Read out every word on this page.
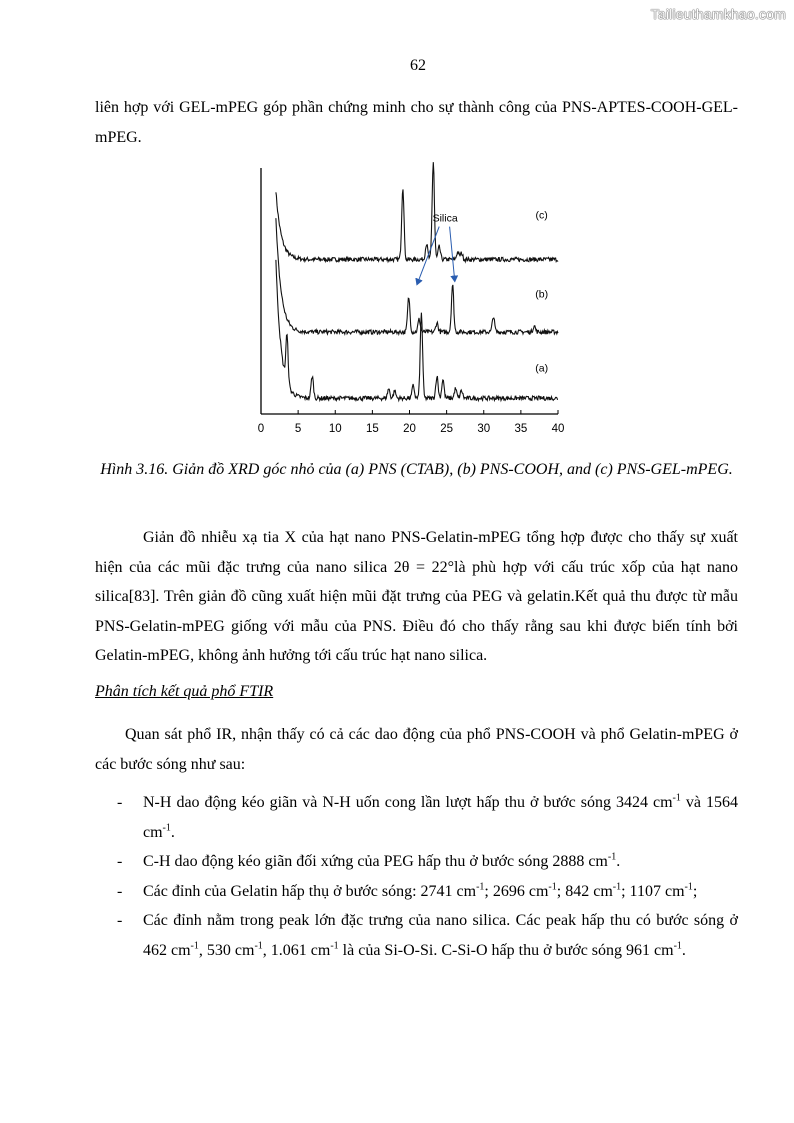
Tailieuthamkhao.com
62
liên hợp với GEL-mPEG góp phần chứng minh cho sự thành công của PNS-APTES-COOH-GEL-mPEG.
0	5 10 15 20 25 30 35 40
(c)
(b)
(a)
Silica
Hình 3.16. Giản đồ XRD góc nhỏ của (a) PNS (CTAB), (b) PNS-COOH, and (c) PNS-GEL-mPEG.
Giản đồ nhiễu xạ tia X của hạt nano PNS-Gelatin-mPEG tổng hợp được cho thấy sự xuất hiện của các mũi đặc trưng của nano silica 2θ = 22°là phù hợp với cấu trúc xốp của hạt nano silica[83]. Trên giản đồ cũng xuất hiện mũi đặt trưng của PEG và gelatin.Kết quả thu được từ mẫu PNS-Gelatin-mPEG giống với mẫu của PNS. Điều đó cho thấy rằng sau khi được biến tính bởi Gelatin-mPEG, không ảnh hưởng tới cấu trúc hạt nano silica.
Phân tích kết quả phổ FTIR
Quan sát phổ IR, nhận thấy có cả các dao động của phổ PNS-COOH và phổ Gelatin-mPEG ở các bước sóng như sau:
- N-H dao động kéo giãn và N-H uốn cong lần lượt hấp thu ở bước sóng 3424 $cm^{-1}$ và 1564 $cm^{-1}$.
- C-H dao động kéo giãn đối xứng của PEG hấp thu ở bước sóng 2888 $cm^{-1}$.
- Các đỉnh của Gelatin hấp thụ ở bước sóng: 2741 $cm^{-1}$; 2696 $cm^{-1}$; 842 $cm^{-1}$; 1107 $cm^{-1}$;
- Các đỉnh nằm trong peak lớn đặc trưng của nano silica. Các peak hấp thu có bước sóng ở 462 $cm^{-1}$, 530 $cm^{-1}$, 1.061 $cm^{-1}$ là của Si-O-Si. C-Si-O hấp thu ở bước sóng 961 $cm^{-1}$.
